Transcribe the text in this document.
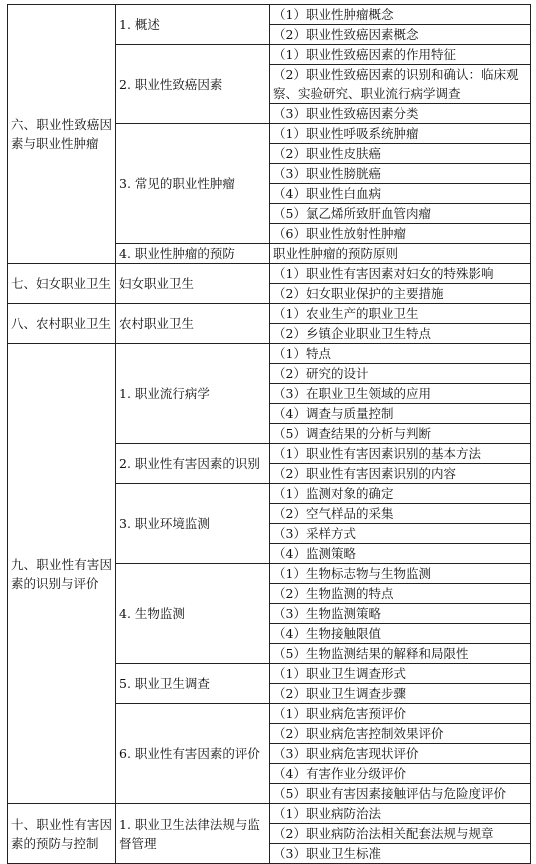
六、职业性致癌因素与职业性肿瘤	1. 概述	（1）职业性肿瘤概念
		（2）职业性致癌因素概念
	2. 职业性致癌因素	（1）职业性致癌因素的作用特征
		（2）职业性致癌因素的识别和确认：临床观察、实验研究、职业流行病学调查
		（3）职业性致癌因素分类
	3. 常见的职业性肿瘤	（1）职业性呼吸系统肿瘤
		（2）职业性皮肤癌
		（3）职业性膀胱癌
		（4）职业性白血病
		（5）氯乙烯所致肝血管肉瘤
		（6）职业性放射性肿瘤
	4. 职业性肿瘤的预防	职业性肿瘤的预防原则
七、妇女职业卫生	妇女职业卫生	（1）职业性有害因素对妇女的特殊影响
		（2）妇女职业保护的主要措施
八、农村职业卫生	农村职业卫生	（1）农业生产的职业卫生
		（2）乡镇企业职业卫生特点
九、职业性有害因素的识别与评价	1. 职业流行病学	（1）特点
		（2）研究的设计
		（3）在职业卫生领域的应用
		（4）调查与质量控制
		（5）调查结果的分析与判断
	2. 职业性有害因素的识别	（1）职业性有害因素识别的基本方法
		（2）职业性有害因素识别的内容
	3. 职业环境监测	（1）监测对象的确定
		（2）空气样品的采集
		（3）采样方式
		（4）监测策略
	4. 生物监测	（1）生物标志物与生物监测
		（2）生物监测的特点
		（3）生物监测策略
		（4）生物接触限值
		（5）生物监测结果的解释和局限性
	5. 职业卫生调查	（1）职业卫生调查形式
		（2）职业卫生调查步骤
	6. 职业性有害因素的评价	（1）职业病危害预评价
		（2）职业病危害控制效果评价
		（3）职业病危害现状评价
		（4）有害作业分级评价
		（5）职业有害因素接触评估与危险度评价
十、职业性有害因素的预防与控制	1. 职业卫生法律法规与监督管理	（1）职业病防治法
		（2）职业病防治法相关配套法规与规章
		（3）职业卫生标准
